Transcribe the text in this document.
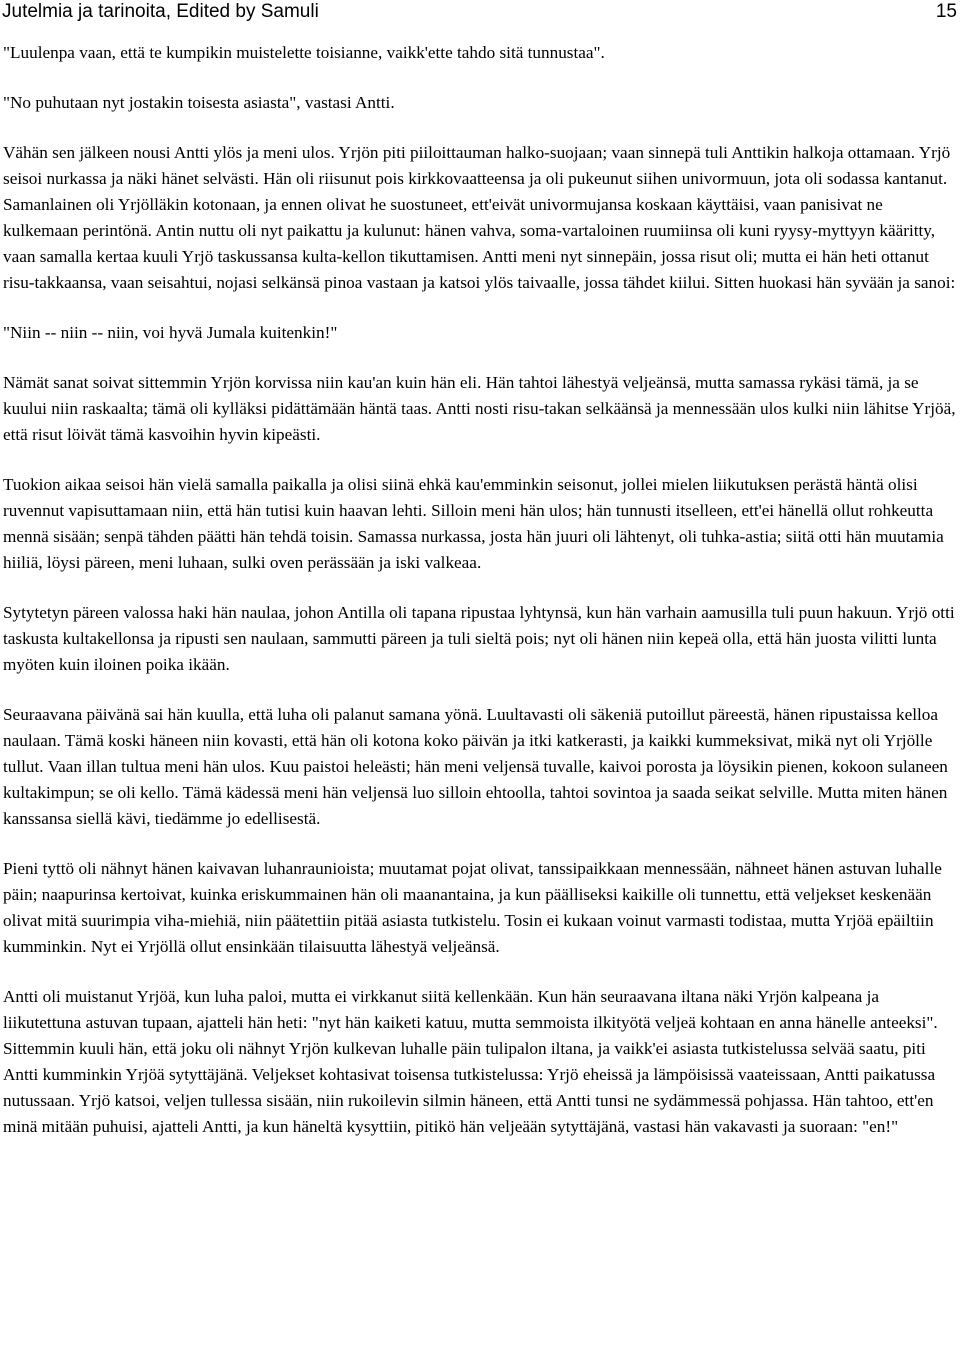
Jutelmia ja tarinoita, Edited by Samuli	15

"Luulenpa vaan, että te kumpikin muistelette toisianne, vaikk'ette tahdo sitä tunnustaa".

"No puhutaan nyt jostakin toisesta asiasta", vastasi Antti.

Vähän sen jälkeen nousi Antti ylös ja meni ulos. Yrjön piti piiloittauman halko-suojaan; vaan sinnepä tuli Anttikin halkoja ottamaan. Yrjö seisoi nurkassa ja näki hänet selvästi. Hän oli riisunut pois kirkkovaatteensa ja oli pukeunut siihen univormuun, jota oli sodassa kantanut. Samanlainen oli Yrjölläkin kotonaan, ja ennen olivat he suostuneet, ett'eivät univormujansa koskaan käyttäisi, vaan panisivat ne kulkemaan perintönä. Antin nuttu oli nyt paikattu ja kulunut: hänen vahva, soma-vartaloinen ruumiinsa oli kuni ryysy-myttyyn kääritty, vaan samalla kertaa kuuli Yrjö taskussansa kulta-kellon tikuttamisen. Antti meni nyt sinnepäin, jossa risut oli; mutta ei hän heti ottanut risu-takkaansa, vaan seisahtui, nojasi selkänsä pinoa vastaan ja katsoi ylös taivaalle, jossa tähdet kiilui. Sitten huokasi hän syvään ja sanoi:

"Niin -- niin -- niin, voi hyvä Jumala kuitenkin!"

Nämät sanat soivat sittemmin Yrjön korvissa niin kau'an kuin hän eli. Hän tahtoi lähestyä veljeänsä, mutta samassa rykäsi tämä, ja se kuului niin raskaalta; tämä oli kylläksi pidättämään häntä taas. Antti nosti risu-takan selkäänsä ja mennessään ulos kulki niin lähitse Yrjöä, että risut löivät tämä kasvoihin hyvin kipeästi.

Tuokion aikaa seisoi hän vielä samalla paikalla ja olisi siinä ehkä kau'emminkin seisonut, jollei mielen liikutuksen perästä häntä olisi ruvennut vapisuttamaan niin, että hän tutisi kuin haavan lehti. Silloin meni hän ulos; hän tunnusti itselleen, ett'ei hänellä ollut rohkeutta mennä sisään; senpä tähden päätti hän tehdä toisin. Samassa nurkassa, josta hän juuri oli lähtenyt, oli tuhka-astia; siitä otti hän muutamia hiiliä, löysi päreen, meni luhaan, sulki oven perässään ja iski valkeaa.

Sytytetyn päreen valossa haki hän naulaa, johon Antilla oli tapana ripustaa lyhtynsä, kun hän varhain aamusilla tuli puun hakuun. Yrjö otti taskusta kultakellonsa ja ripusti sen naulaan, sammutti päreen ja tuli sieltä pois; nyt oli hänen niin kepeä olla, että hän juosta vilitti lunta myöten kuin iloinen poika ikään.

Seuraavana päivänä sai hän kuulla, että luha oli palanut samana yönä. Luultavasti oli säkeniä putoillut päreestä, hänen ripustaissa kelloa naulaan. Tämä koski häneen niin kovasti, että hän oli kotona koko päivän ja itki katkerasti, ja kaikki kummeksivat, mikä nyt oli Yrjölle tullut. Vaan illan tultua meni hän ulos. Kuu paistoi heleästi; hän meni veljensä tuvalle, kaivoi porosta ja löysikin pienen, kokoon sulaneen kultakimpun; se oli kello. Tämä kädessä meni hän veljensä luo silloin ehtoolla, tahtoi sovintoa ja saada seikat selville. Mutta miten hänen kanssansa siellä kävi, tiedämme jo edellisestä.

Pieni tyttö oli nähnyt hänen kaivavan luhanraunioista; muutamat pojat olivat, tanssipaikkaan mennessään, nähneet hänen astuvan luhalle päin; naapurinsa kertoivat, kuinka eriskummainen hän oli maanantaina, ja kun päälliseksi kaikille oli tunnettu, että veljekset keskenään olivat mitä suurimpia viha-miehiä, niin päätettiin pitää asiasta tutkistelu. Tosin ei kukaan voinut varmasti todistaa, mutta Yrjöä epäiltiin kumminkin. Nyt ei Yrjöllä ollut ensinkään tilaisuutta lähestyä veljeänsä.

Antti oli muistanut Yrjöä, kun luha paloi, mutta ei virkkanut siitä kellenkään. Kun hän seuraavana iltana näki Yrjön kalpeana ja liikutettuna astuvan tupaan, ajatteli hän heti: "nyt hän kaiketi katuu, mutta semmoista ilkityötä veljeä kohtaan en anna hänelle anteeksi". Sittemmin kuuli hän, että joku oli nähnyt Yrjön kulkevan luhalle päin tulipalon iltana, ja vaikk'ei asiasta tutkistelussa selvää saatu, piti Antti kumminkin Yrjöä sytyttäjänä. Veljekset kohtasivat toisensa tutkistelussa: Yrjö eheissä ja lämpöisissä vaateissaan, Antti paikatussa nutussaan. Yrjö katsoi, veljen tullessa sisään, niin rukoilevin silmin häneen, että Antti tunsi ne sydämmessä pohjassa. Hän tahtoo, ett'en minä mitään puhuisi, ajatteli Antti, ja kun häneltä kysyttiin, pitikö hän veljeään sytyttäjänä, vastasi hän vakavasti ja suoraan: "en!"
